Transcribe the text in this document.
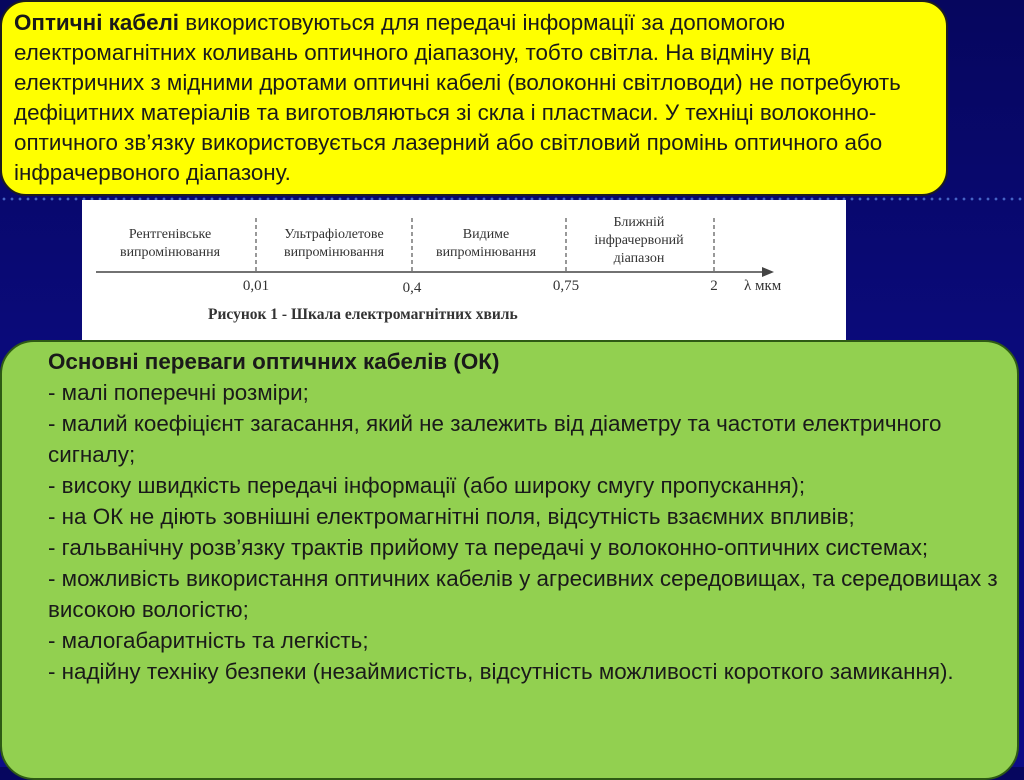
Оптичні кабелі використовуються для передачі інформації за допомогою електромагнітних коливань оптичного діапазону, тобто світла. На відміну від електричних з мідними дротами оптичні кабелі (волоконні світловоди) не потребують дефіцитних матеріалів та виготовляються зі скла і пластмаси. У техніці волоконно-оптичного зв’язку використовується лазерний або світловий промінь оптичного або інфрачервоного діапазону.
Рентгенівське
випромінювання
Ультрафіолетове
випромінювання
Видиме
випромінювання
Ближній
інфрачервоний
діапазон
0,01	0,4	0,75	2 λ мкм
Рисунок 1 - Шкала електромагнітних хвиль
Основні переваги оптичних кабелів (ОК)
- малі поперечні розміри;
- малий коефіцієнт загасання, який не залежить від діаметру та частоти електричного сигналу;
- високу швидкість передачі інформації (або широку смугу пропускання);
- на ОК не діють зовнішні електромагнітні поля, відсутність взаємних впливів;
- гальванічну розв’язку трактів прийому та передачі у волоконно-оптичних системах;
- можливість використання оптичних кабелів у агресивних середовищах, та середовищах з високою вологістю;
- малогабаритність та легкість;
- надійну техніку безпеки (незаймистість, відсутність можливості короткого замикання).
